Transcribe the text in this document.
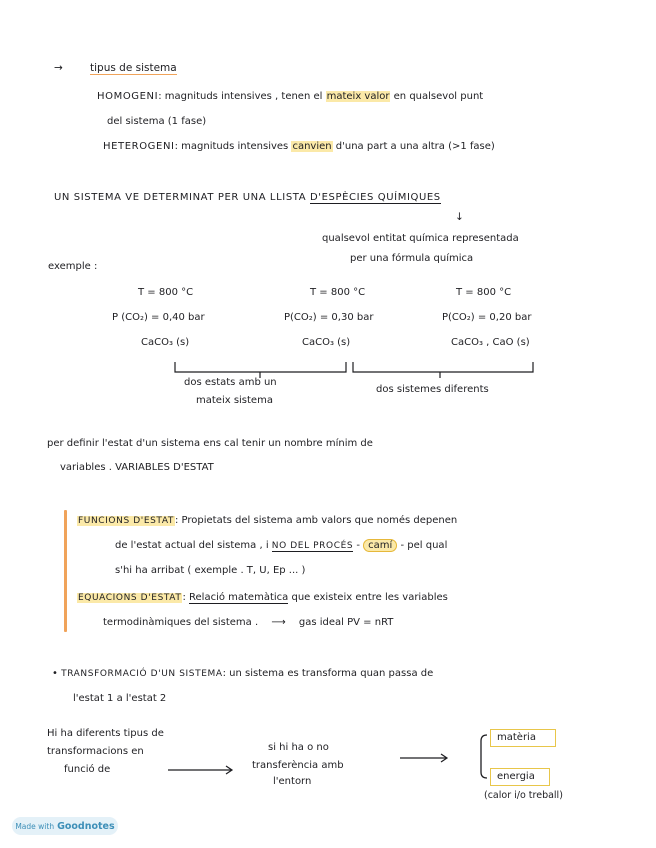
→	tipus de sistema
HOMOGENI: magnituds intensives , tenen el mateix valor en qualsevol punt
del sistema (1 fase)
HETEROGENI: magnituds intensives canvien d'una part a una altra (>1 fase)
UN SISTEMA VE DETERMINAT PER UNA LLISTA D'ESPÈCIES QUÍMIQUES
↓
qualsevol entitat química representada
per una fórmula química
exemple :
T = 800 °C
P (CO₂) = 0,40 bar
CaCO₃ (s)
T = 800 °C
P(CO₂) = 0,30 bar
CaCO₃ (s)
T = 800 °C
P(CO₂) = 0,20 bar
CaCO₃ , CaO (s)
dos estats amb un
mateix sistema
dos sistemes diferents
per definir l'estat d'un sistema ens cal tenir un nombre mínim de
variables . VARIABLES D'ESTAT
FUNCIONS D'ESTAT: Propietats del sistema amb valors que només depenen
de l'estat actual del sistema , i NO DEL PROCÉS - camí - pel qual
s'hi ha arribat ( exemple . T, U, Ep ... )
EQUACIONS D'ESTAT: Relació matemàtica que existeix entre les variables
termodinàmiques del sistema . ⟶ gas ideal PV = nRT
• TRANSFORMACIÓ D'UN SISTEMA: un sistema es transforma quan passa de
l'estat 1 a l'estat 2
Hi ha diferents tipus de
transformacions en
funció de
si hi ha o no
transferència amb
l'entorn
matèria
energia
(calor i/o treball)
Made with Goodnotes
